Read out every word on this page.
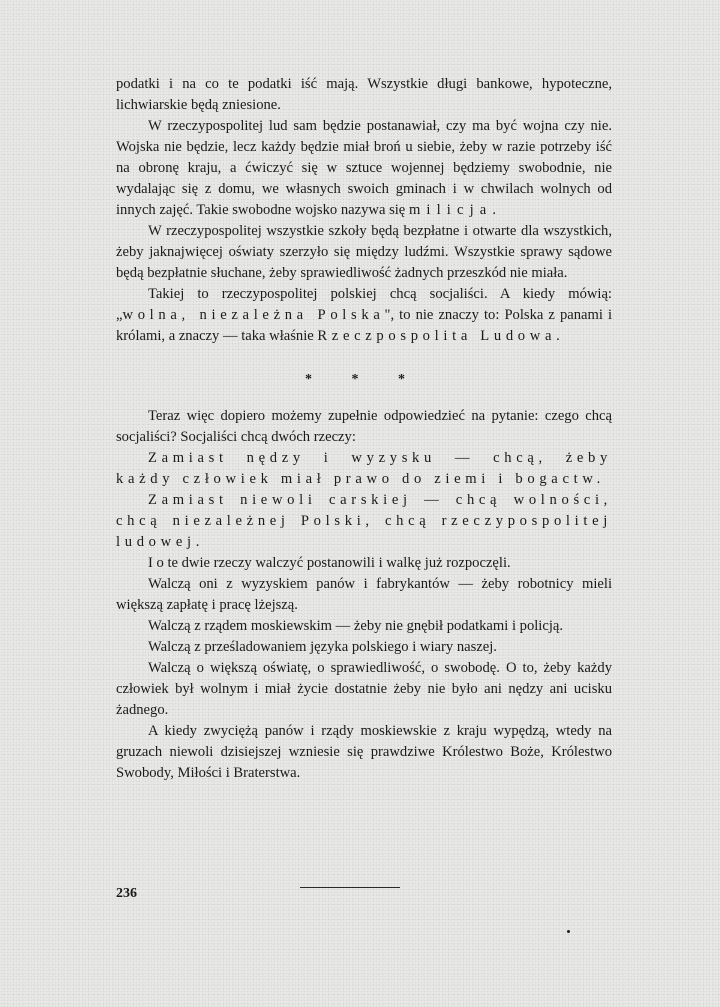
podatki i na co te podatki iść mają. Wszystkie długi bankowe, hypoteczne, lichwiarskie będą zniesione.

W rzeczypospolitej lud sam będzie postanawiał, czy ma być wojna czy nie. Wojska nie będzie, lecz każdy będzie miał broń u siebie, żeby w razie potrzeby iść na obronę kraju, a ćwiczyć się w sztuce wojennej będziemy swobodnie, nie wydalając się z domu, we własnych swoich gminach i w chwilach wolnych od innych zajęć. Takie swobodne wojsko nazywa się milicja.

W rzeczypospolitej wszystkie szkoły będą bezpłatne i otwarte dla wszystkich, żeby jaknajwięcej oświaty szerzyło się między ludźmi. Wszystkie sprawy sądowe będą bezpłatnie słuchane, żeby sprawiedliwość żadnych przeszkód nie miała.

Takiej to rzeczypospolitej polskiej chcą socjaliści. A kiedy mówią: „wolna, niezależna Polska", to nie znaczy to: Polska z panami i królami, a znaczy — taka właśnie Rzeczpospolita Ludowa.

* * *

Teraz więc dopiero możemy zupełnie odpowiedzieć na pytanie: czego chcą socjaliści? Socjaliści chcą dwóch rzeczy:

Zamiast nędzy i wyzysku — chcą, żeby każdy człowiek miał prawo do ziemi i bogactw.

Zamiast niewoli carskiej — chcą wolności, chcą niezależnej Polski, chcą rzeczypospolitej ludowej.

I o te dwie rzeczy walczyć postanowili i walkę już rozpoczęli.

Walczą oni z wyzyskiem panów i fabrykantów — żeby robotnicy mieli większą zapłatę i pracę lżejszą.

Walczą z rządem moskiewskim — żeby nie gnębił podatkami i policją.

Walczą z prześladowaniem języka polskiego i wiary naszej.

Walczą o większą oświatę, o sprawiedliwość, o swobodę. O to, żeby każdy człowiek był wolnym i miał życie dostatnie żeby nie było ani nędzy ani ucisku żadnego.

A kiedy zwyciężą panów i rządy moskiewskie z kraju wypędzą, wtedy na gruzach niewoli dzisiejszej wzniesie się prawdziwe Królestwo Boże, Królestwo Swobody, Miłości i Braterstwa.

236
